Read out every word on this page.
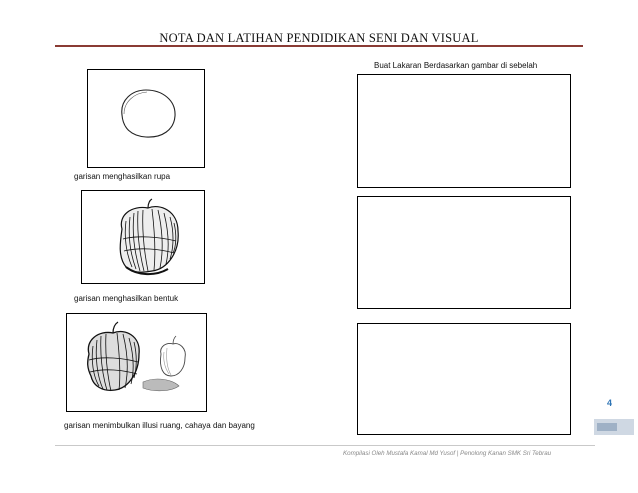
NOTA DAN LATIHAN PENDIDIKAN SENI DAN VISUAL
Buat Lakaran Berdasarkan gambar di sebelah
garisan menghasilkan rupa
garisan menghasilkan bentuk
garisan menimbulkan illusi ruang, cahaya dan bayang
4
Kompilasi Oleh Mustafa Kamal Md Yusof | Penolong Kanan SMK Sri Tebrau
